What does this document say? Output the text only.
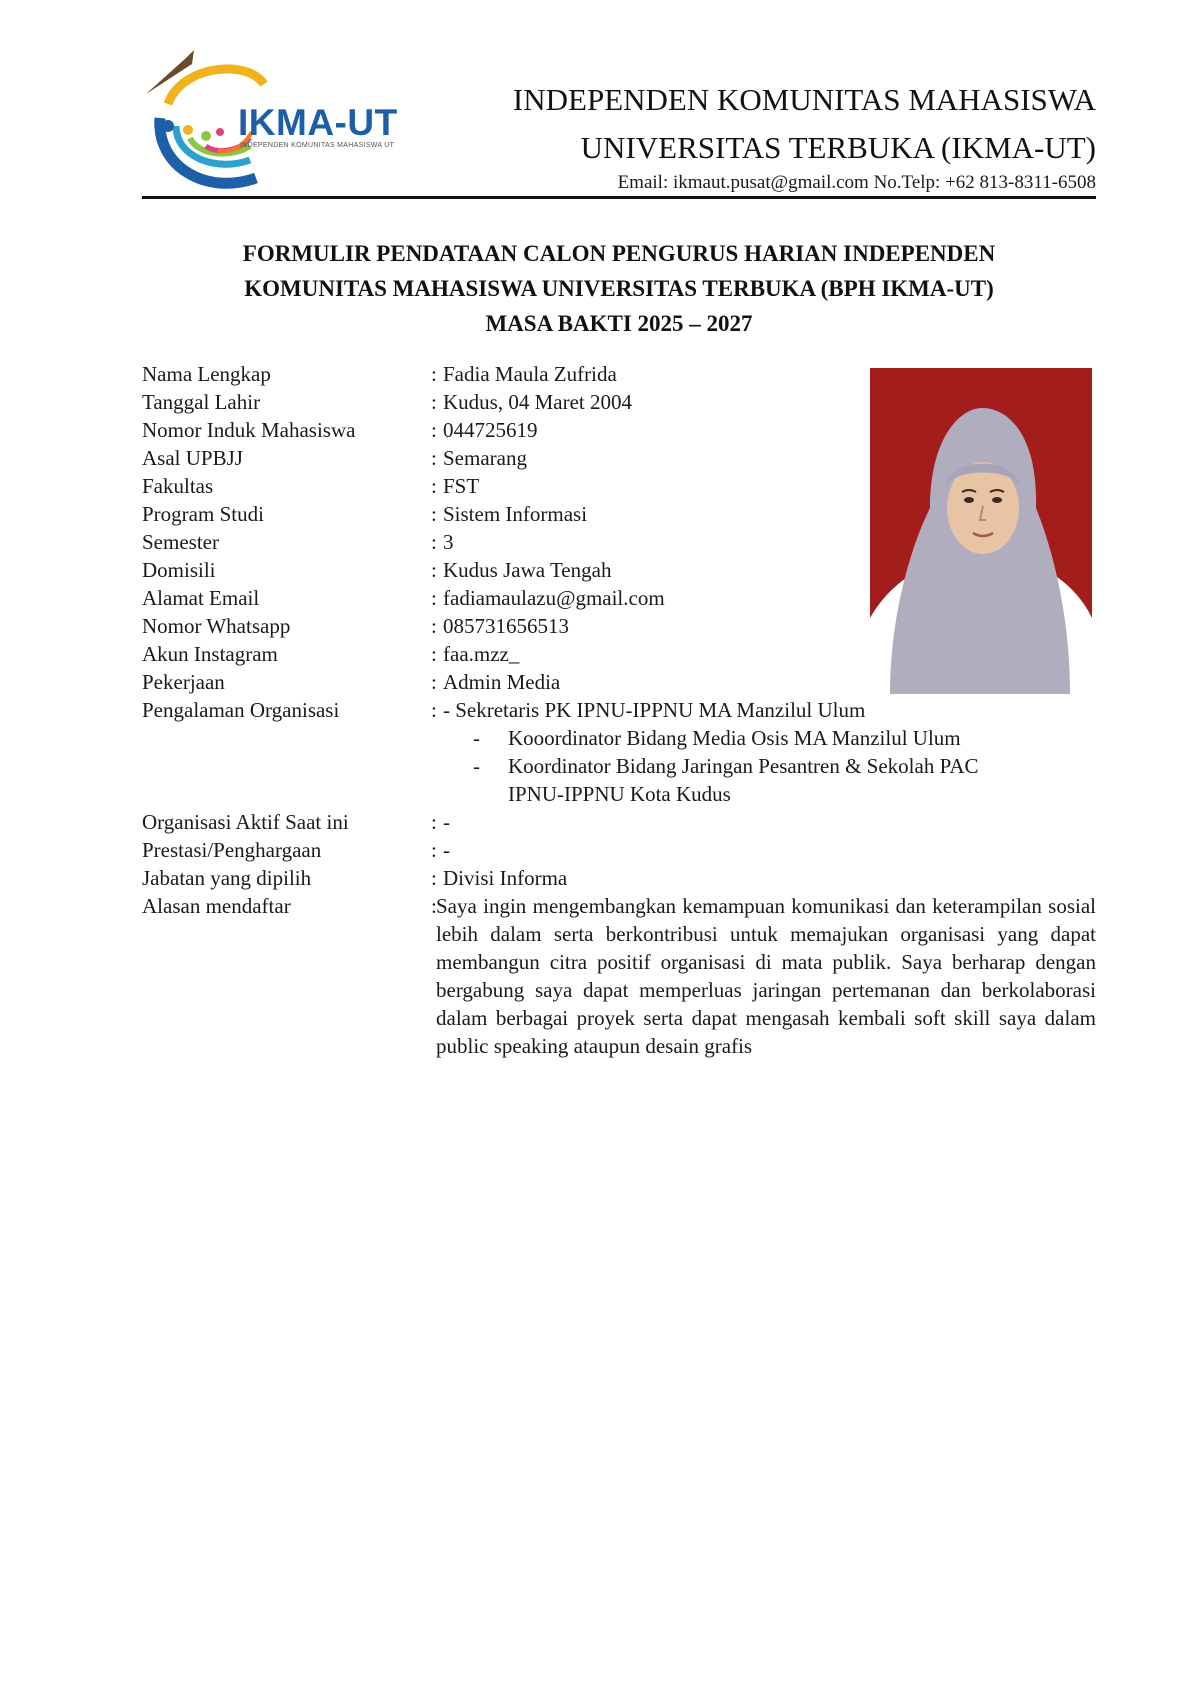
IKMA-UT
INDEPENDEN KOMUNITAS MAHASISWA UT
INDEPENDEN KOMUNITAS MAHASISWA
UNIVERSITAS TERBUKA (IKMA-UT)
Email: ikmaut.pusat@gmail.com No.Telp: +62 813-8311-6508
FORMULIR PENDATAAN CALON PENGURUS HARIAN INDEPENDEN
KOMUNITAS MAHASISWA UNIVERSITAS TERBUKA (BPH IKMA-UT)
MASA BAKTI 2025 – 2027
Nama Lengkap	: Fadia Maula Zufrida
Tanggal Lahir	: Kudus, 04 Maret 2004
Nomor Induk Mahasiswa	: 044725619
Asal UPBJJ	: Semarang
Fakultas	: FST
Program Studi	: Sistem Informasi
Semester	: 3
Domisili	: Kudus Jawa Tengah
Alamat Email	: fadiamaulazu@gmail.com
Nomor Whatsapp	: 085731656513
Akun Instagram	: faa.mzz_
Pekerjaan	: Admin Media
Pengalaman Organisasi	: - Sekretaris PK IPNU-IPPNU MA Manzilul Ulum
- Kooordinator Bidang Media Osis MA Manzilul Ulum
- Koordinator Bidang Jaringan Pesantren & Sekolah PAC
IPNU-IPPNU Kota Kudus
Organisasi Aktif Saat ini	: -
Prestasi/Penghargaan	: -
Jabatan yang dipilih	: Divisi Informa
Alasan mendaftar	: Saya ingin mengembangkan kemampuan komunikasi dan keterampilan sosial lebih dalam serta berkontribusi untuk memajukan organisasi yang dapat membangun citra positif organisasi di mata publik. Saya berharap dengan bergabung saya dapat memperluas jaringan pertemanan dan berkolaborasi dalam berbagai proyek serta dapat mengasah kembali soft skill saya dalam public speaking ataupun desain grafis
